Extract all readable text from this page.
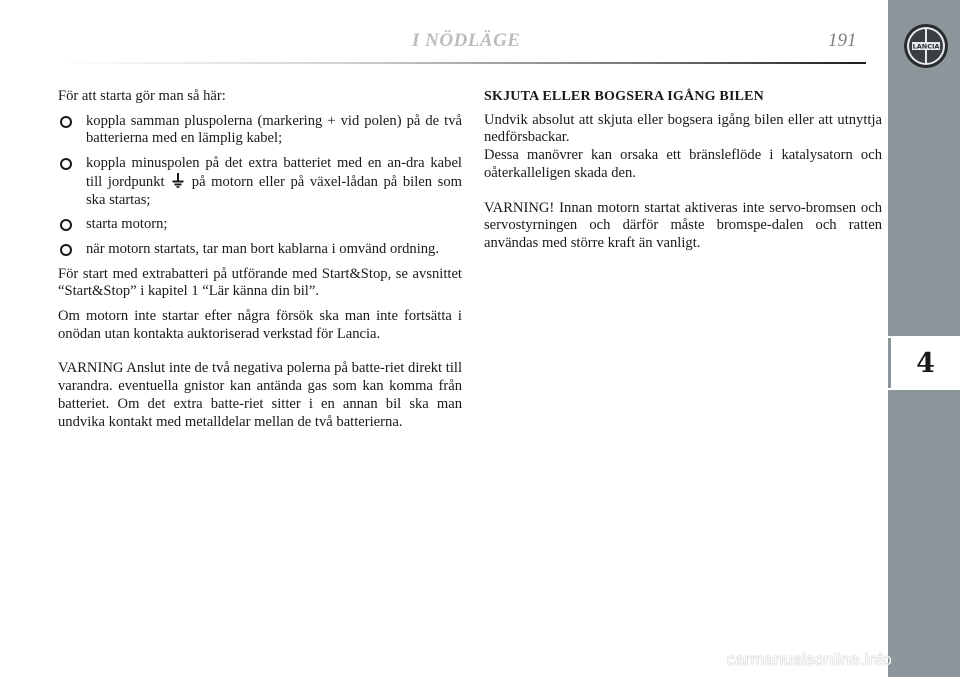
I NÖDLÄGE	191
4
LANCIA

För att starta gör man så här:

koppla samman pluspolerna (markering + vid polen) på de två batterierna med en lämplig kabel;
koppla minuspolen på det extra batteriet med en an-dra kabel till jordpunkt på motorn eller på växel-lådan på bilen som ska startas;
starta motorn;
när motorn startats, tar man bort kablarna i omvänd ordning.

För start med extrabatteri på utförande med Start&Stop, se avsnittet “Start&Stop” i kapitel 1 “Lär känna din bil”.

Om motorn inte startar efter några försök ska man inte fortsätta i onödan utan kontakta auktoriserad verkstad för Lancia.

VARNING Anslut inte de två negativa polerna på batte-riet direkt till varandra. eventuella gnistor kan antända gas som kan komma från batteriet. Om det extra batte-riet sitter i en annan bil ska man undvika kontakt med metalldelar mellan de två batterierna.

SKJUTA ELLER BOGSERA IGÅNG BILEN

Undvik absolut att skjuta eller bogsera igång bilen eller att utnyttja nedförsbackar.

Dessa manövrer kan orsaka ett bränsleflöde i katalysatorn och oåterkalleligen skada den.

VARNING! Innan motorn startat aktiveras inte servo-bromsen och servostyrningen och därför måste bromspe-dalen och ratten användas med större kraft än vanligt.

carmanualsonline.info
